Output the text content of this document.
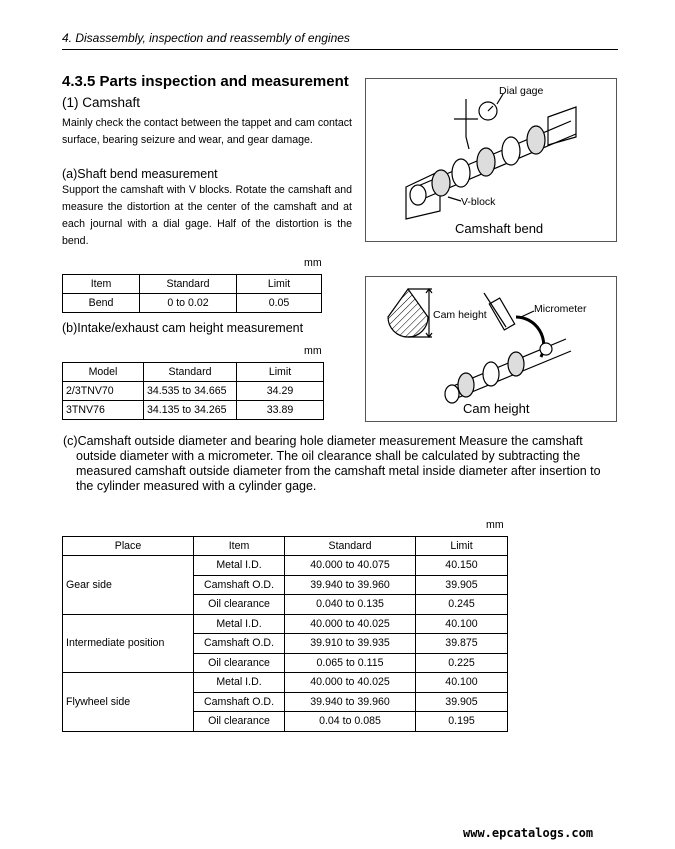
4. Disassembly, inspection and reassembly of engines
4.3.5 Parts inspection and measurement
(1) Camshaft
Mainly check the contact between the tappet and cam contact surface, bearing seizure and wear, and gear damage.
(a)Shaft bend measurement
Support the camshaft with V blocks. Rotate the camshaft and measure the distortion at the center of the camshaft and at each journal with a dial gage. Half of the distortion is the bend.
Dial gage
V-block
Camshaft bend
mm
Item	Standard	Limit
Bend	0 to 0.02	0.05
(b)Intake/exhaust cam height measurement
Cam height	Micrometer
Cam height
mm
Model	Standard	Limit
2/3TNV70	34.535 to 34.665	34.29
3TNV76	34.135 to 34.265	33.89
(c)Camshaft outside diameter and bearing hole diameter measurement Measure the camshaft
outside diameter with a micrometer. The oil clearance shall be calculated by subtracting the
measured camshaft outside diameter from the camshaft metal inside diameter after insertion to
the cylinder measured with a cylinder gage.
mm
Place	Item	Standard	Limit
Gear side	Metal I.D.	40.000 to 40.075	40.150
	Camshaft O.D.	39.940 to 39.960	39.905
	Oil clearance	0.040 to 0.135	0.245
Intermediate position	Metal I.D.	40.000 to 40.025	40.100
	Camshaft O.D.	39.910 to 39.935	39.875
	Oil clearance	0.065 to 0.115	0.225
Flywheel side	Metal I.D.	40.000 to 40.025	40.100
	Camshaft O.D.	39.940 to 39.960	39.905
	Oil clearance	0.04 to 0.085	0.195
www.epcatalogs.com
